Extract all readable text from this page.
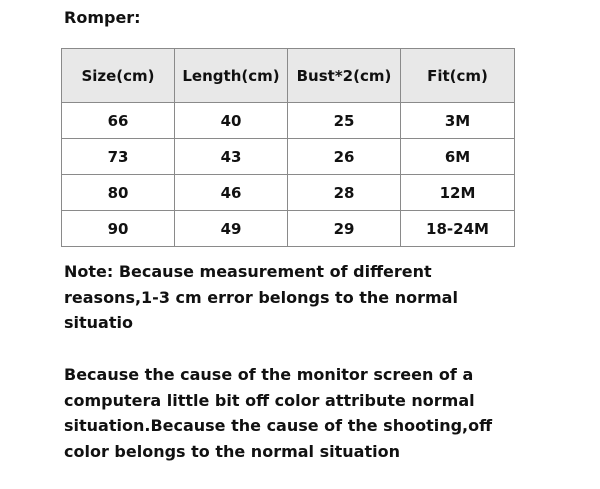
Romper:
Size(cm)	Length(cm)	Bust*2(cm)	Fit(cm)
66	40	25	3M
73	43	26	6M
80	46	28	12M
90	49	29	18-24M

Note: Because measurement of different
reasons,1-3 cm error belongs to the normal
situatio

Because the cause of the monitor screen of a
computera little bit off color attribute normal
situation.Because the cause of the shooting,off
color belongs to the normal situation
